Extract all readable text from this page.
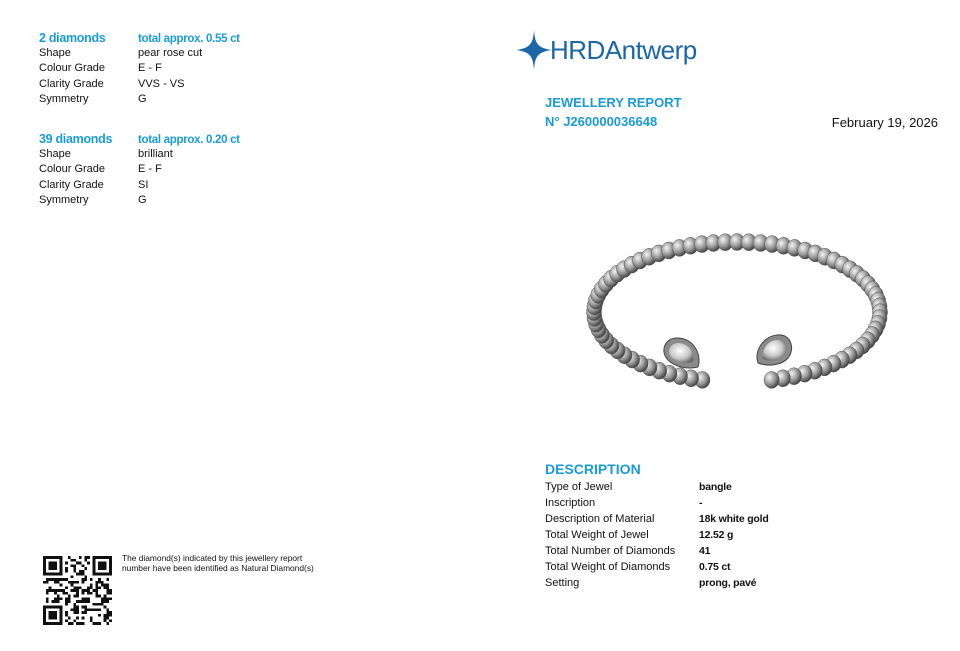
2 diamonds	total approx. 0.55 ct
Shape	pear rose cut
Colour Grade	E - F
Clarity Grade	VVS - VS
Symmetry	G
39 diamonds	total approx. 0.20 ct
Shape	brilliant
Colour Grade	E - F
Clarity Grade	SI
Symmetry	G
The diamond(s) indicated by this jewellery report number have been identified as Natural Diamond(s)
HRDAntwerp
JEWELLERY REPORT
N° J260000036648	February 19, 2026
DESCRIPTION
Type of Jewel	bangle
Inscription	-
Description of Material	18k white gold
Total Weight of Jewel	12.52 g
Total Number of Diamonds	41
Total Weight of Diamonds	0.75 ct
Setting	prong, pavé
